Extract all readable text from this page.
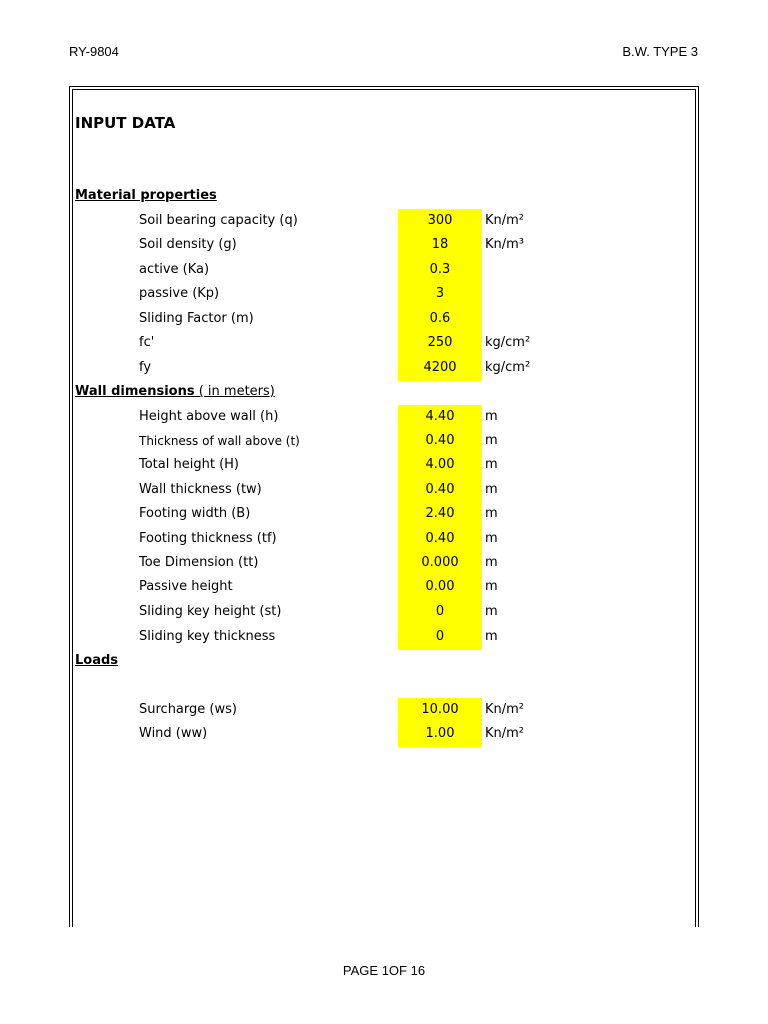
RY-9804	B.W. TYPE 3
INPUT DATA
Material properties
Soil bearing capacity (q)	300	Kn/m²
Soil density (g)	18	Kn/m³
active (Ka)	0.3
passive (Kp)	3
Sliding Factor (m)	0.6
fc'	250	kg/cm²
fy	4200	kg/cm²
Wall dimensions ( in meters)
Height above wall (h)	4.40	m
Thickness of wall above (t)	0.40	m
Total height (H)	4.00	m
Wall thickness (tw)	0.40	m
Footing width (B)	2.40	m
Footing thickness (tf)	0.40	m
Toe Dimension (tt)	0.000	m
Passive height	0.00	m
Sliding key height (st)	0	m
Sliding key thickness	0	m
Loads
Surcharge (ws)	10.00	Kn/m²
Wind (ww)	1.00	Kn/m²
PAGE 1OF 16
